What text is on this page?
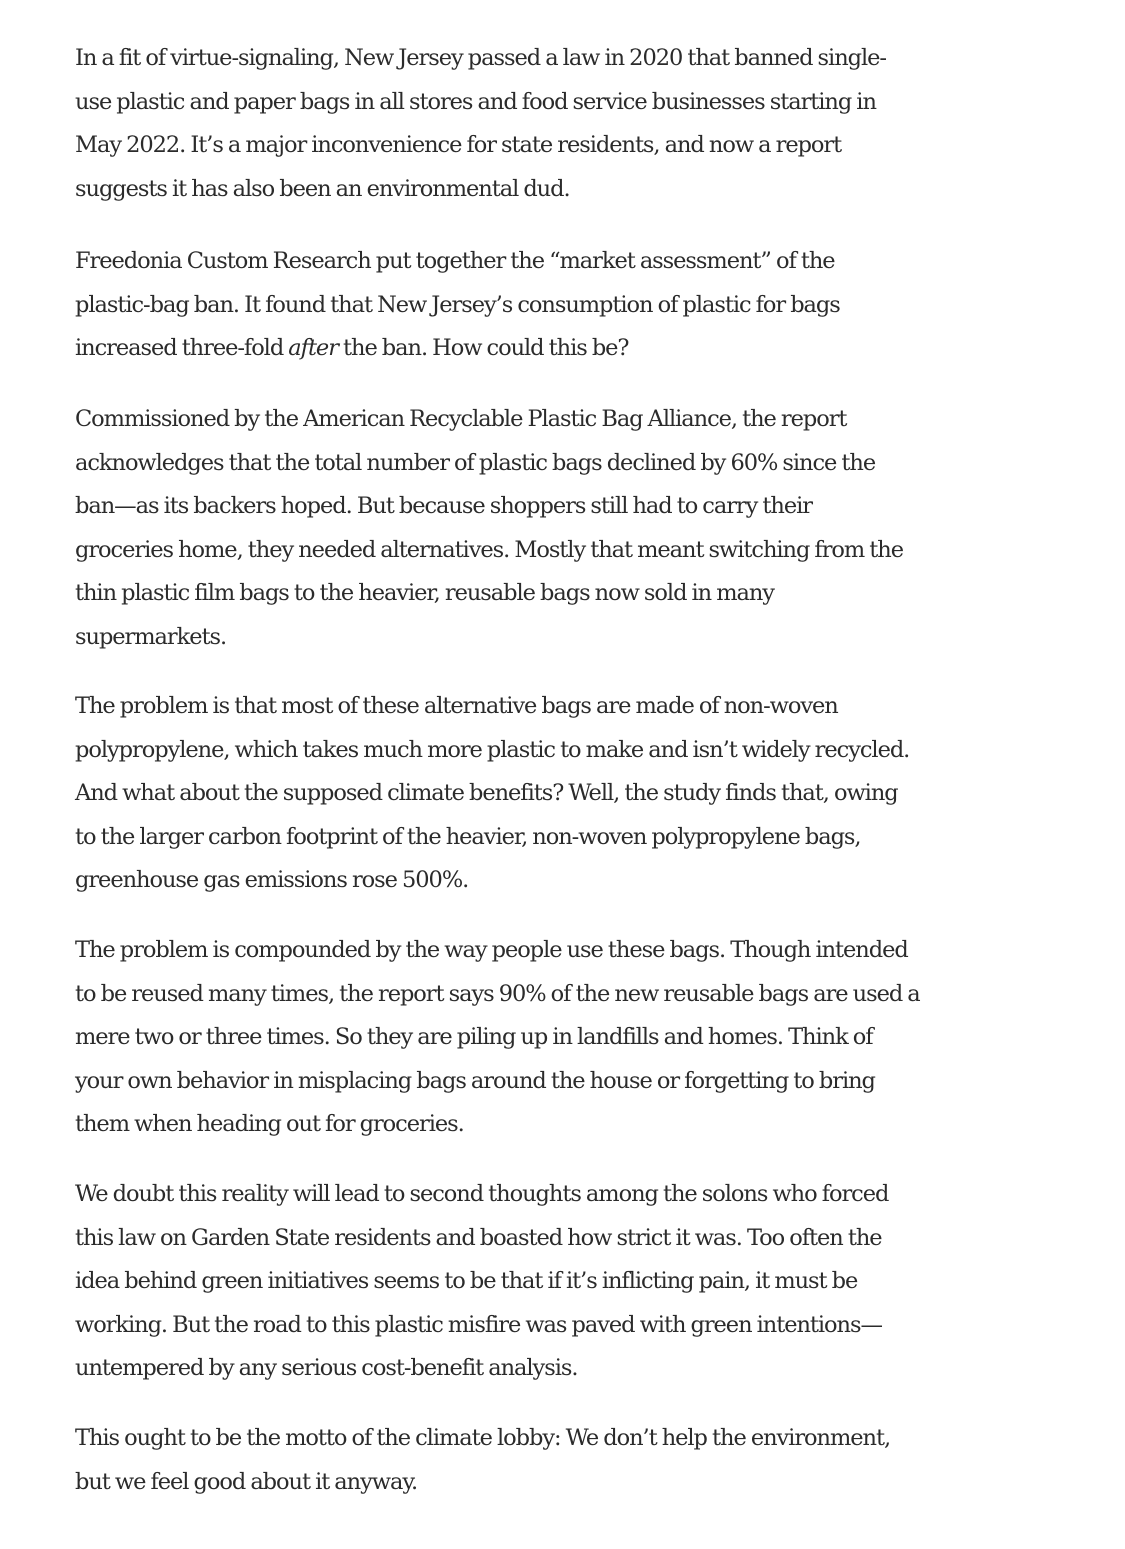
In a fit of virtue-signaling, New Jersey passed a law in 2020 that banned single-
use plastic and paper bags in all stores and food service businesses starting in
May 2022. It’s a major inconvenience for state residents, and now a report
suggests it has also been an environmental dud.

Freedonia Custom Research put together the “market assessment” of the
plastic-bag ban. It found that New Jersey’s consumption of plastic for bags
increased three-fold after the ban. How could this be?

Commissioned by the American Recyclable Plastic Bag Alliance, the report
acknowledges that the total number of plastic bags declined by 60% since the
ban—as its backers hoped. But because shoppers still had to carry their
groceries home, they needed alternatives. Mostly that meant switching from the
thin plastic film bags to the heavier, reusable bags now sold in many
supermarkets.

The problem is that most of these alternative bags are made of non-woven
polypropylene, which takes much more plastic to make and isn’t widely recycled.
And what about the supposed climate benefits? Well, the study finds that, owing
to the larger carbon footprint of the heavier, non-woven polypropylene bags,
greenhouse gas emissions rose 500%.

The problem is compounded by the way people use these bags. Though intended
to be reused many times, the report says 90% of the new reusable bags are used a
mere two or three times. So they are piling up in landfills and homes. Think of
your own behavior in misplacing bags around the house or forgetting to bring
them when heading out for groceries.

We doubt this reality will lead to second thoughts among the solons who forced
this law on Garden State residents and boasted how strict it was. Too often the
idea behind green initiatives seems to be that if it’s inflicting pain, it must be
working. But the road to this plastic misfire was paved with green intentions—
untempered by any serious cost-benefit analysis.

This ought to be the motto of the climate lobby: We don’t help the environment,
but we feel good about it anyway.
